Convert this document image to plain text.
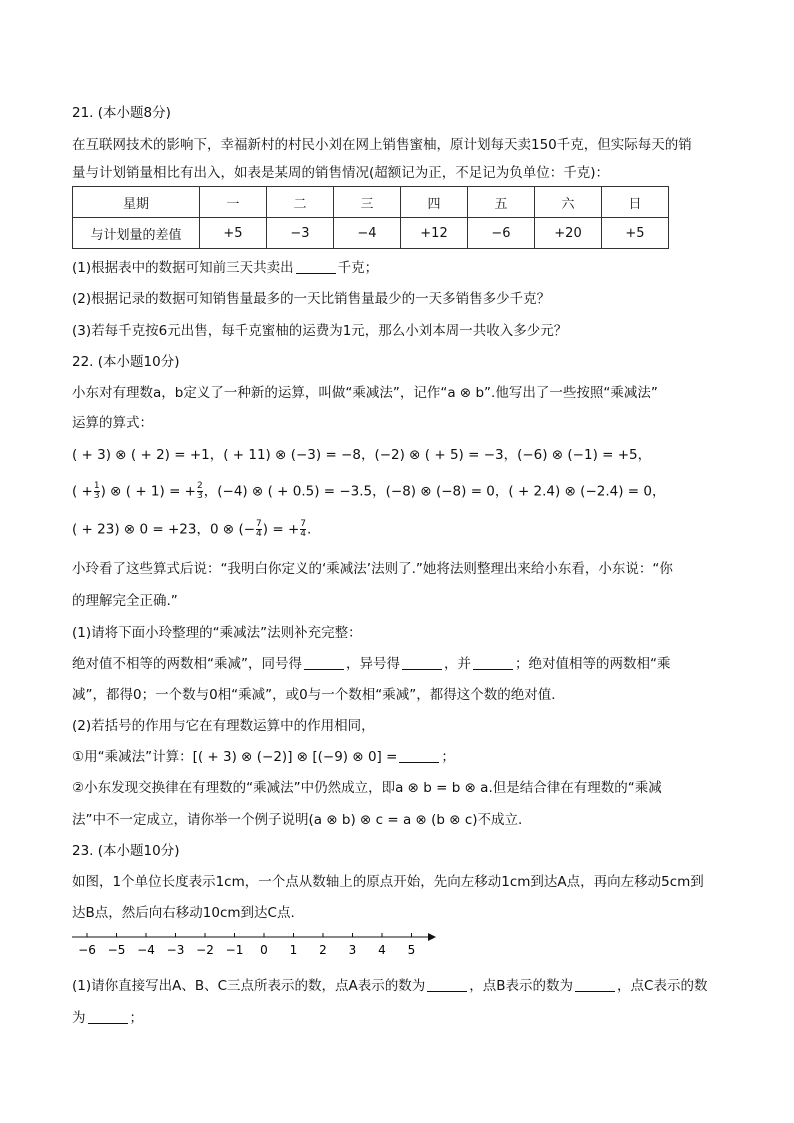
21. (本小题8分)
在互联网技术的影响下，幸福新村的村民小刘在网上销售蜜柚，原计划每天卖150千克，但实际每天的销
量与计划销量相比有出入，如表是某周的销售情况(超额记为正，不足记为负单位：千克)：
星期	一	二	三	四	五	六	日
与计划量的差值	+5	−3	−4	+12	−6	+20	+5
(1)根据表中的数据可知前三天共卖出	千克；
(2)根据记录的数据可知销售量最多的一天比销售量最少的一天多销售多少千克？
(3)若每千克按6元出售，每千克蜜柚的运费为1元，那么小刘本周一共收入多少元？
22. (本小题10分)
小东对有理数a，b定义了一种新的运算，叫做“乘减法”，记作“a ⊗ b”.他写出了一些按照“乘减法”
运算的算式：
( + 3) ⊗ ( + 2) = +1，( + 11) ⊗ (−3) = −8，(−2) ⊗ ( + 5) = −3，(−6) ⊗ (−1) = +5，
( + $\frac{1}{3}$ ) ⊗ ( + 1) = + $\frac{2}{3}$ ，(−4) ⊗ ( + 0.5) = −3.5，(−8) ⊗ (−8) = 0，( + 2.4) ⊗ (−2.4) = 0，
( + 23) ⊗ 0 = +23，0 ⊗ (− $\frac{7}{4}$ ) = + $\frac{7}{4}$ .
小玲看了这些算式后说：“我明白你定义的‘乘减法’法则了.”她将法则整理出来给小东看，小东说：“你
的理解完全正确.”
(1)请将下面小玲整理的“乘减法”法则补充完整：
绝对值不相等的两数相“乘减”，同号得	，异号得	，并	；绝对值相等的两数相“乘
减”，都得0；一个数与0相“乘减”，或0与一个数相“乘减”，都得这个数的绝对值.
(2)若括号的作用与它在有理数运算中的作用相同，
①用“乘减法”计算：[( + 3) ⊗ (−2)] ⊗ [(−9) ⊗ 0] =	；
②小东发现交换律在有理数的“乘减法”中仍然成立，即a ⊗ b = b ⊗ a.但是结合律在有理数的“乘减
法”中不一定成立，请你举一个例子说明(a ⊗ b) ⊗ c = a ⊗ (b ⊗ c)不成立.
23. (本小题10分)
如图，1个单位长度表示1cm，一个点从数轴上的原点开始，先向左移动1cm到达A点，再向左移动5cm到
达B点，然后向右移动10cm到达C点.
−6 −5 −4 −3 −2 −1 0 1 2 3 4 5
(1)请你直接写出A、B、C三点所表示的数，点A表示的数为	，点B表示的数为	，点C表示的数
为	；
